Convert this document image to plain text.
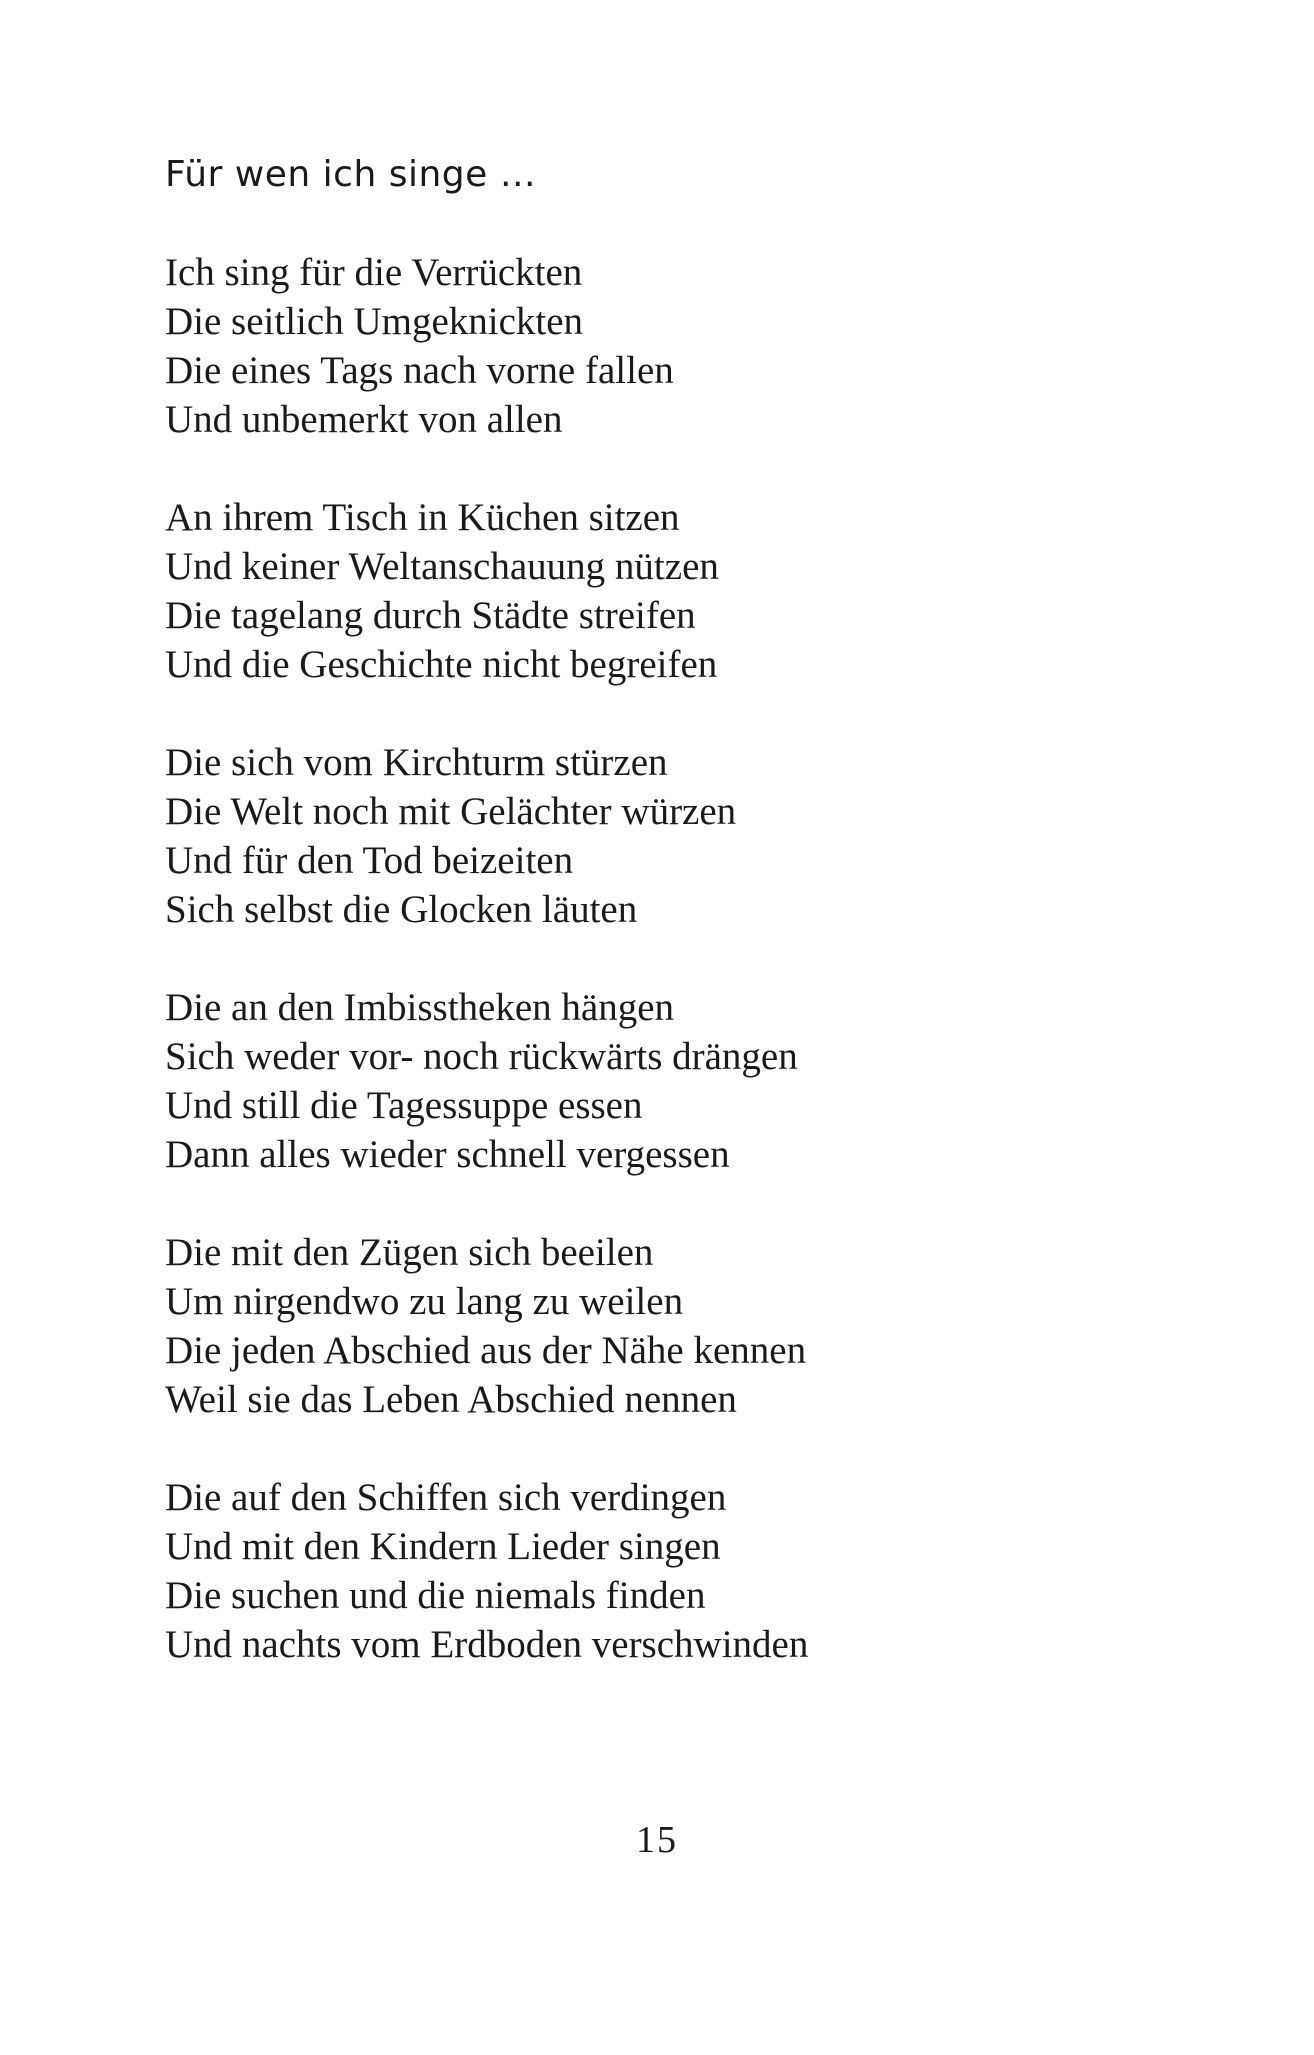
Für wen ich singe …

Ich sing für die Verrückten
Die seitlich Umgeknickten
Die eines Tags nach vorne fallen
Und unbemerkt von allen

An ihrem Tisch in Küchen sitzen
Und keiner Weltanschauung nützen
Die tagelang durch Städte streifen
Und die Geschichte nicht begreifen

Die sich vom Kirchturm stürzen
Die Welt noch mit Gelächter würzen
Und für den Tod beizeiten
Sich selbst die Glocken läuten

Die an den Imbisstheken hängen
Sich weder vor- noch rückwärts drängen
Und still die Tagessuppe essen
Dann alles wieder schnell vergessen

Die mit den Zügen sich beeilen
Um nirgendwo zu lang zu weilen
Die jeden Abschied aus der Nähe kennen
Weil sie das Leben Abschied nennen

Die auf den Schiffen sich verdingen
Und mit den Kindern Lieder singen
Die suchen und die niemals finden
Und nachts vom Erdboden verschwinden

15
